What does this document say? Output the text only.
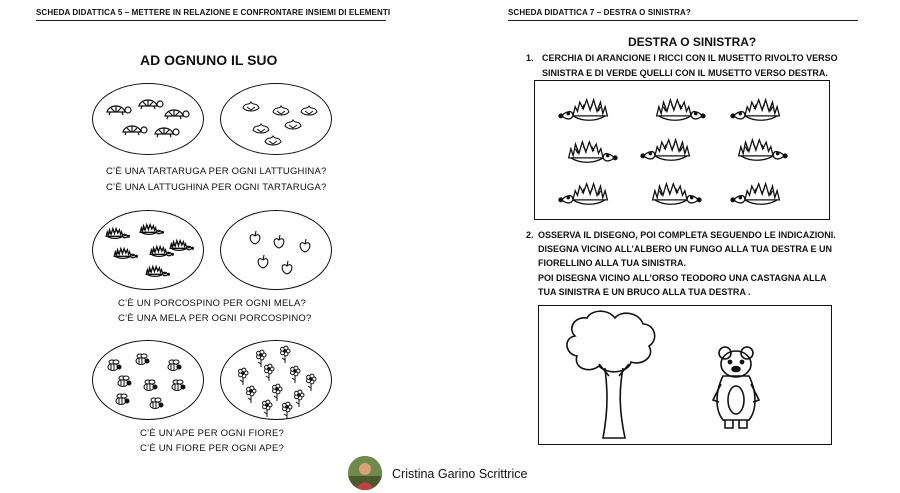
SCHEDA DIDATTICA 5 – METTERE IN RELAZIONE E CONFRONTARE INSIEMI DI ELEMENTI
AD OGNUNO IL SUO
C’È UNA TARTARUGA PER OGNI LATTUGHINA?
C’È UNA LATTUGHINA PER OGNI TARTARUGA?
C’È UN PORCOSPINO PER OGNI MELA?
C’È UNA MELA PER OGNI PORCOSPINO?
C’È UN’APE PER OGNI FIORE?
C’È UN FIORE PER OGNI APE?
SCHEDA DIDATTICA 7 – DESTRA O SINISTRA?
DESTRA O SINISTRA?
1. CERCHIA DI ARANCIONE I RICCI CON IL MUSETTO RIVOLTO VERSO
SINISTRA E DI VERDE QUELLI CON IL MUSETTO VERSO DESTRA.
2. OSSERVA IL DISEGNO, POI COMPLETA SEGUENDO LE INDICAZIONI.
DISEGNA VICINO ALL’ALBERO UN FUNGO ALLA TUA DESTRA E UN
FIORELLINO ALLA TUA SINISTRA.
POI DISEGNA VICINO ALL’ORSO TEODORO UNA CASTAGNA ALLA
TUA SINISTRA E UN BRUCO ALLA TUA DESTRA .
Cristina Garino Scrittrice
